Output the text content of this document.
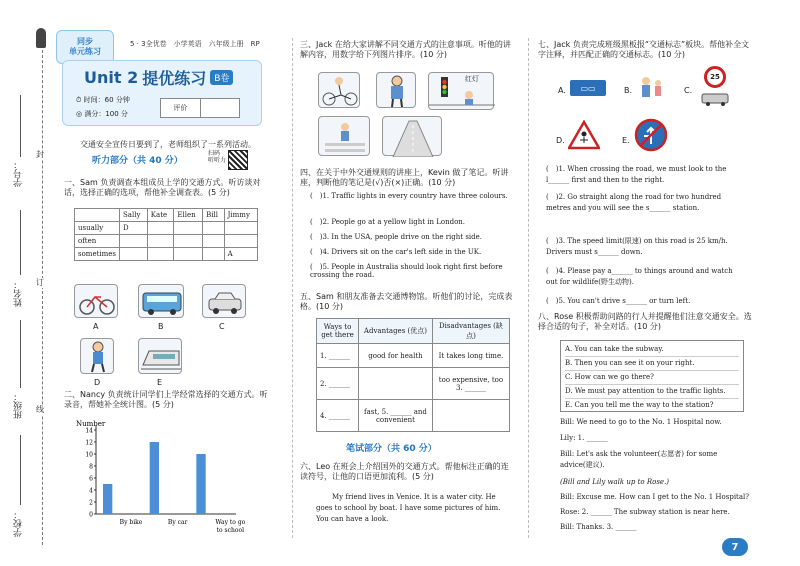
学号：
姓名：
班级：
学校：
封
订
线
同步
单元练习
5 · 3全优卷　小学英语　六年级上册　RP
Unit 2 提优练习 B卷
⏱ 时间：60 分钟
◎ 满分：100 分
评价
交通安全宣传日要到了，老师组织了一系列活动。
听力部分（共 40 分）
扫码
听听力
一、Sam 负责调查本组成员上学的交通方式。听访谈对话，选择正确的选项，帮他补全调查表。(5 分)
	Sally	Kate	Ellen	Bill	Jimmy
usually	D				
often					
sometimes					A
A	B	C
D	E
二、Nancy 负责统计同学们上学经常选择的交通方式。听录音，帮她补全统计图。(5 分)
Number
14
12
10
8
6
4
2
0
By bike	By car	Way to go
to school
三、Jack 在给大家讲解不同交通方式的注意事项。听他的讲解内容，用数字给下列图片排序。(10 分)
红灯
四、在关于中外交通规则的讲座上，Kevin 做了笔记。听讲座，判断他的笔记是(√)否(×)正确。(10 分)
(　)1. Traffic lights in every country have three colours.
(　)2. People go at a yellow light in London.
(　)3. In the USA, people drive on the right side.
(　)4. Drivers sit on the car's left side in the UK.
(　)5. People in Australia should look right first before crossing the road.
五、Sam 和朋友准备去交通博物馆。听他们的讨论，完成表格。(10 分)
Ways to get there	Advantages (优点)	Disadvantages (缺点)
1. ______	good for health	It takes long time.
2. ______		too expensive, too 3. ______
4. ______	fast, 5. ______ and convenient	
笔试部分（共 60 分）
六、Leo 在班会上介绍国外的交通方式。帮他标注正确的连读符号，让他的口语更加流利。(5 分)
My friend lives in Venice. It is a water city. He goes to school by boat. I have some pictures of him. You can have a look.
七、Jack 负责完成班级黑板报“交通标志”板块。帮他补全文字注释，并匹配正确的交通标志。(10 分)
A. ▭▭	B.	C.
25
D.	E.
(　)1. When crossing the road, we must look to the l______ first and then to the right.
(　)2. Go straight along the road for two hundred metres and you will see the s______ station.
(　)3. The speed limit(限速) on this road is 25 km/h. Drivers must s______ down.
(　)4. Please pay a______ to things around and watch out for wildlife(野生动物).
(　)5. You can't drive s______ or turn left.
八、Rose 积极帮助问路的行人并提醒他们注意交通安全。选择合适的句子，补全对话。(10 分)
A. You can take the subway.
B. Then you can see it on your right.
C. How can we go there?
D. We must pay attention to the traffic lights.
E. Can you tell me the way to the station?
Bill: We need to go to the No. 1 Hospital now.
Lily: 1. ______
Bill: Let's ask the volunteer(志愿者) for some advice(建议).
(Bill and Lily walk up to Rose.)
Bill: Excuse me. How can I get to the No. 1 Hospital?
Rose: 2. ______ The subway station is near here.
Bill: Thanks. 3. ______
7
